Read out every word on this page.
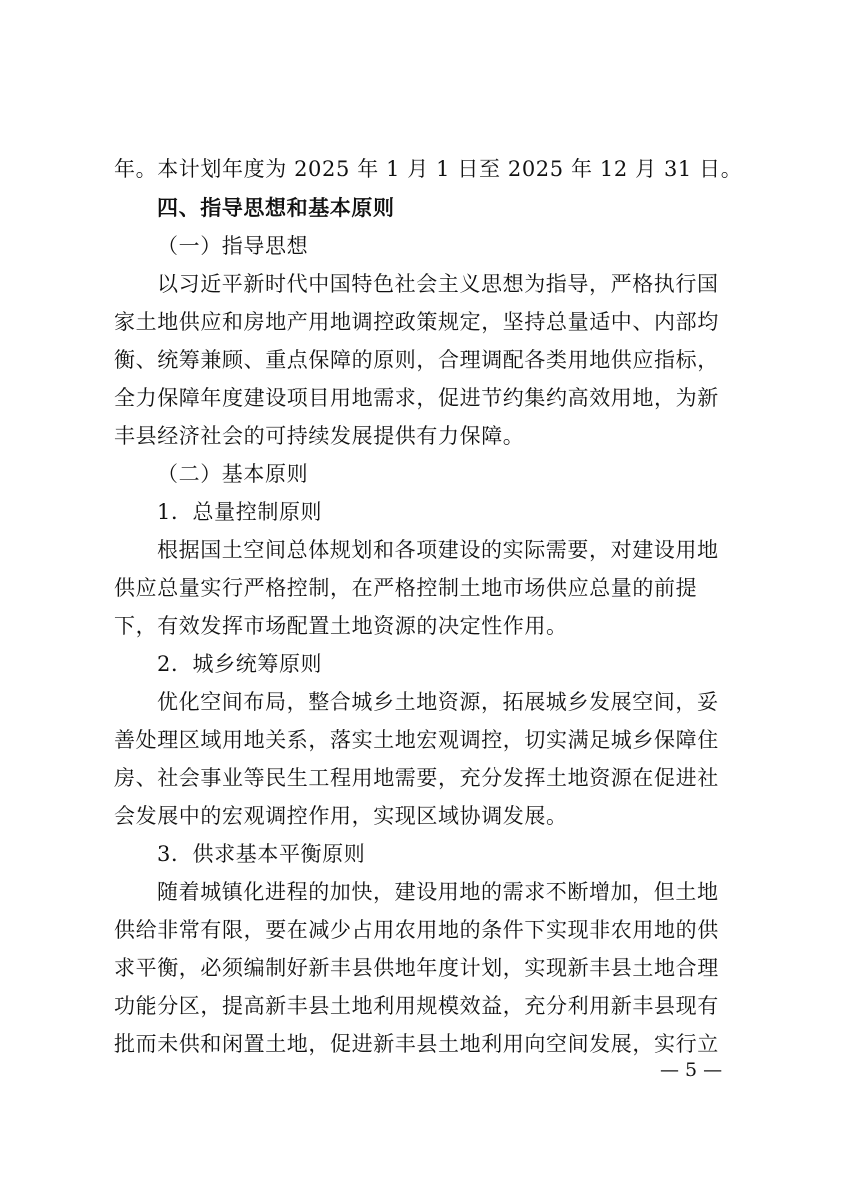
年。本计划年度为 2025 年 1 月 1 日至 2025 年 12 月 31 日。
四、指导思想和基本原则
（一）指导思想
以习近平新时代中国特色社会主义思想为指导，严格执行国
家土地供应和房地产用地调控政策规定，坚持总量适中、内部均
衡、统筹兼顾、重点保障的原则，合理调配各类用地供应指标，
全力保障年度建设项目用地需求，促进节约集约高效用地，为新
丰县经济社会的可持续发展提供有力保障。
（二）基本原则
1．总量控制原则
根据国土空间总体规划和各项建设的实际需要，对建设用地
供应总量实行严格控制，在严格控制土地市场供应总量的前提
下，有效发挥市场配置土地资源的决定性作用。
2．城乡统筹原则
优化空间布局，整合城乡土地资源，拓展城乡发展空间，妥
善处理区域用地关系，落实土地宏观调控，切实满足城乡保障住
房、社会事业等民生工程用地需要，充分发挥土地资源在促进社
会发展中的宏观调控作用，实现区域协调发展。
3．供求基本平衡原则
随着城镇化进程的加快，建设用地的需求不断增加，但土地
供给非常有限，要在减少占用农用地的条件下实现非农用地的供
求平衡，必须编制好新丰县供地年度计划，实现新丰县土地合理
功能分区，提高新丰县土地利用规模效益，充分利用新丰县现有
批而未供和闲置土地，促进新丰县土地利用向空间发展，实行立
— 5 —
